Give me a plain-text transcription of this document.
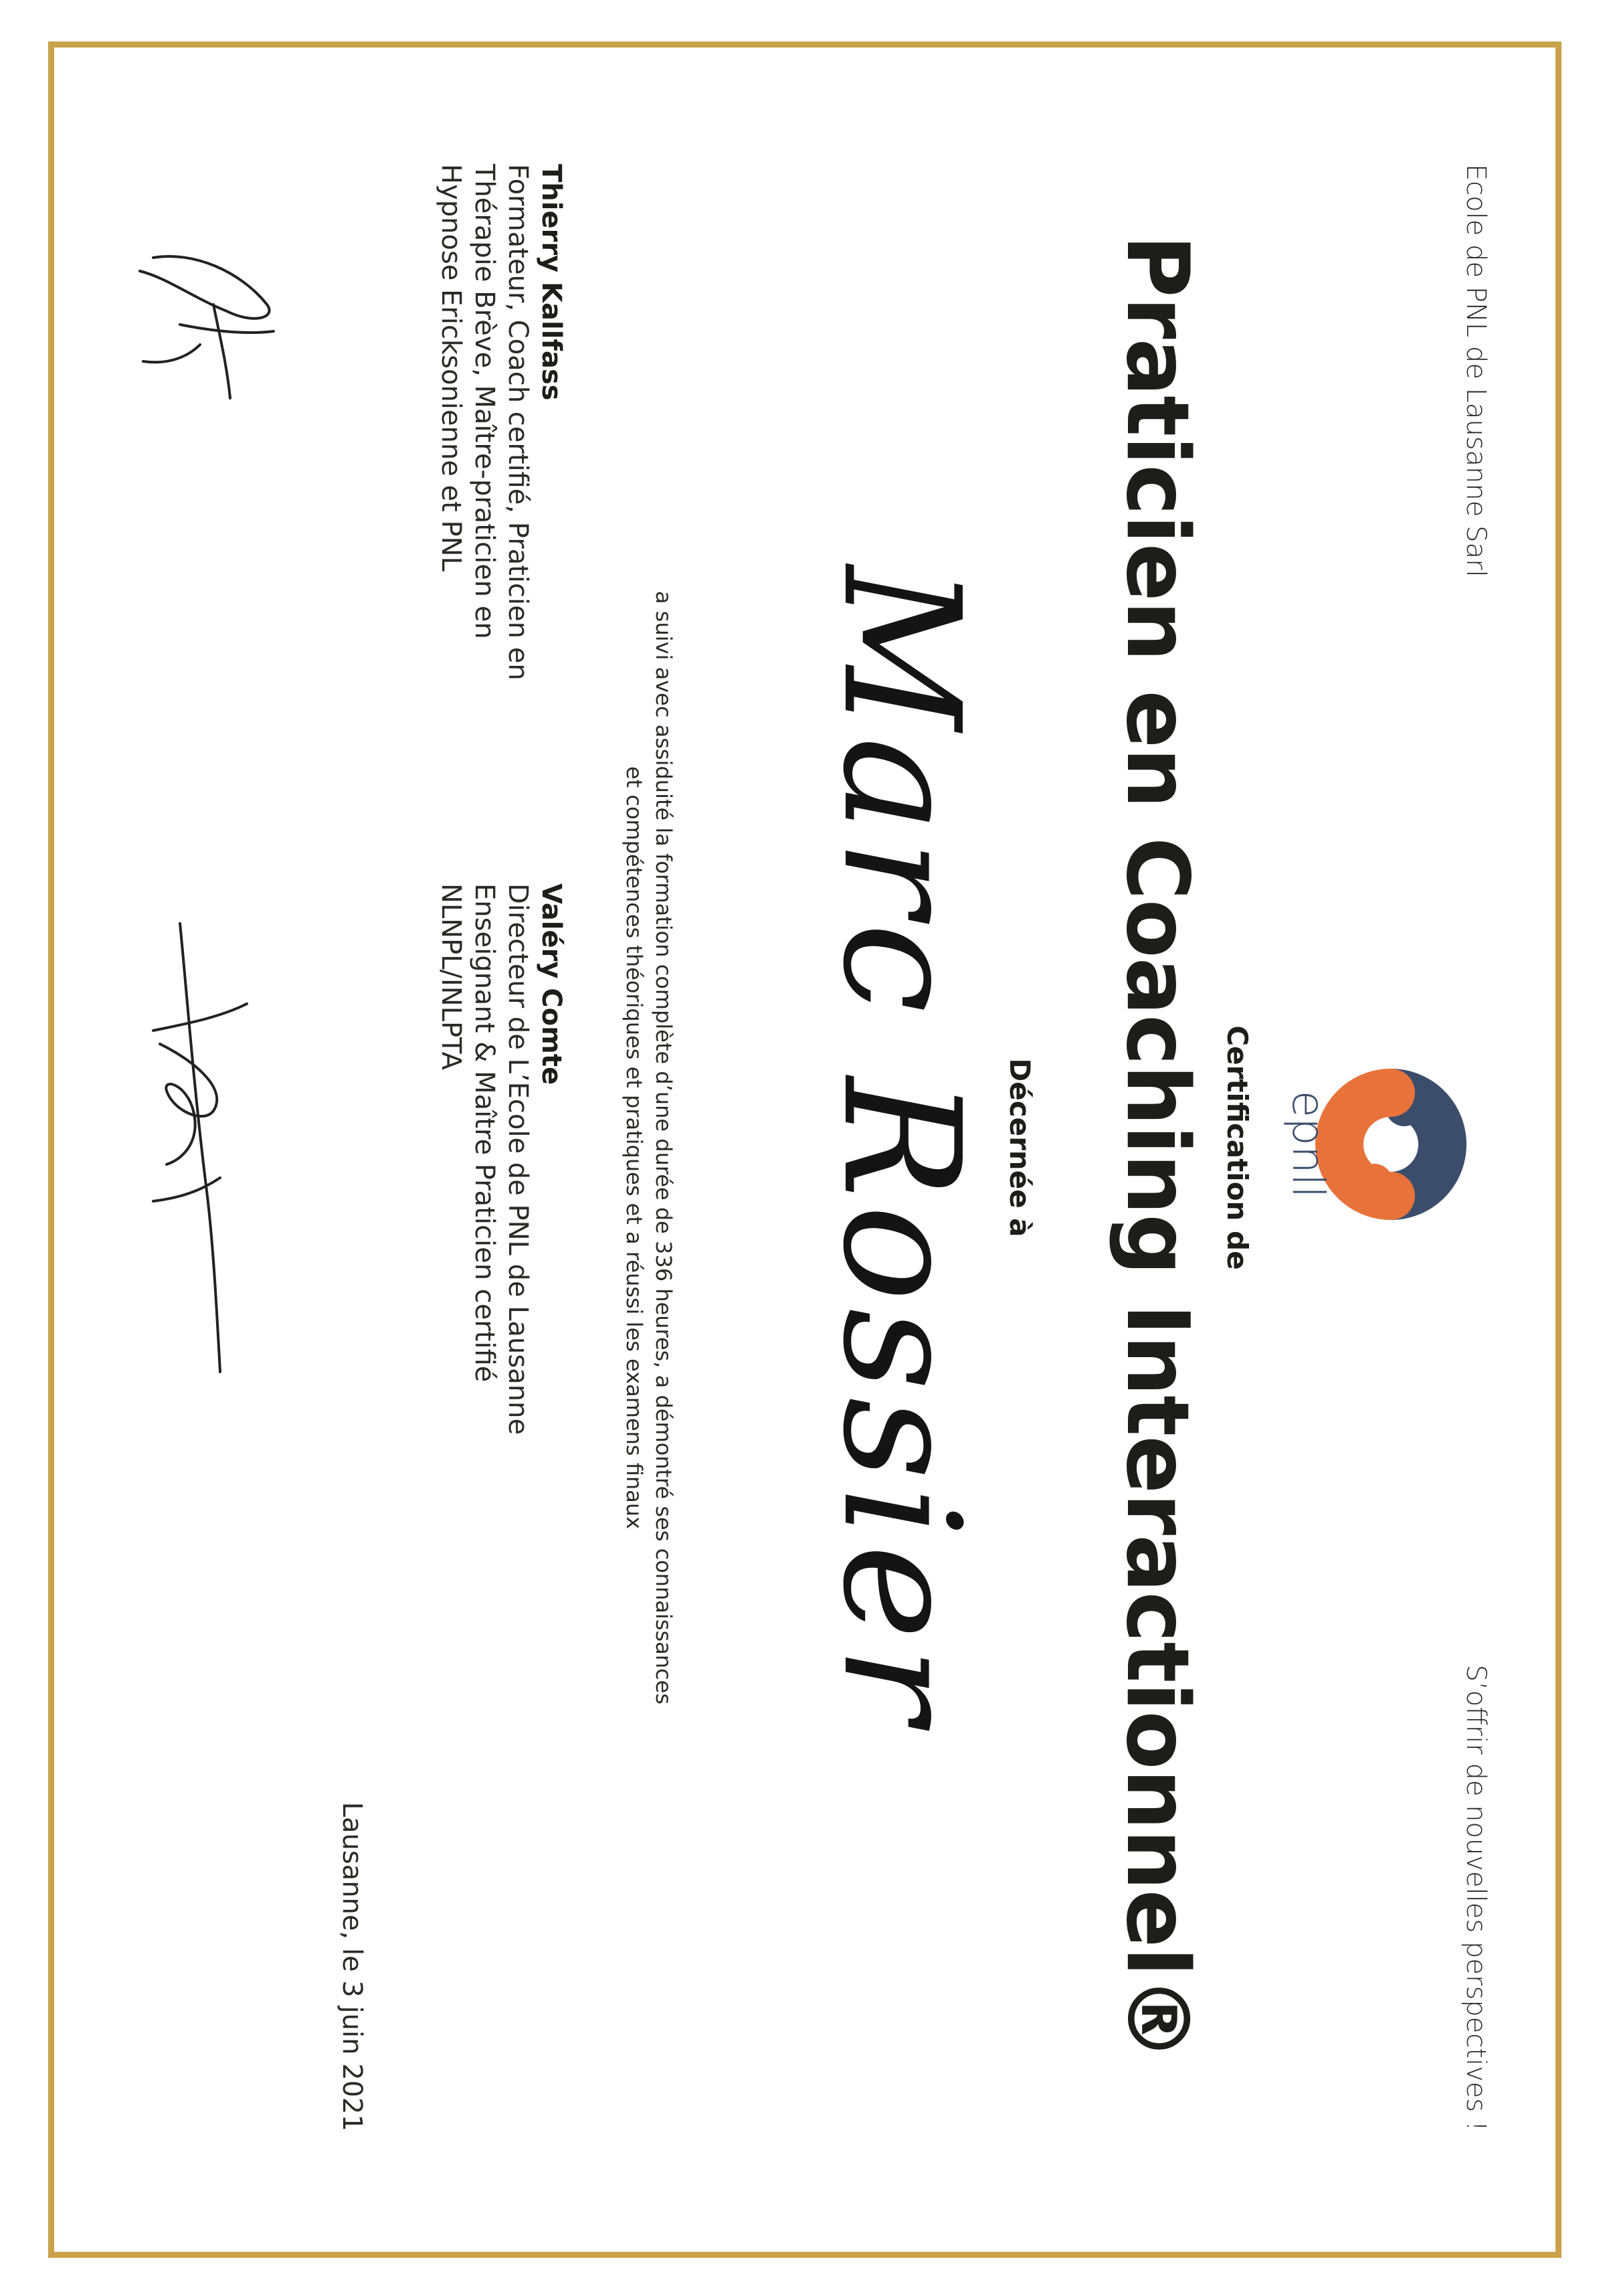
Ecole de PNL de Lausanne Sarl
S’offrir de nouvelles perspectives !
epnll
Certification de
Praticien en Coaching Interactionnel®
Décernée à
Marc Rossier
a suivi avec assiduité la formation complète d’une durée de 336 heures, a démontré ses connaissances
et compétences théoriques et pratiques et a réussi les examens finaux
Thierry Kallfass
Formateur, Coach certifié, Praticien en
Thérapie Brève, Maître-praticien en
Hypnose Ericksonienne et PNL
Valéry Comte
Directeur de L’Ecole de PNL de Lausanne
Enseignant & Maître Praticien certifié
NLNPL/INLPTA
Lausanne, le 3 juin 2021
